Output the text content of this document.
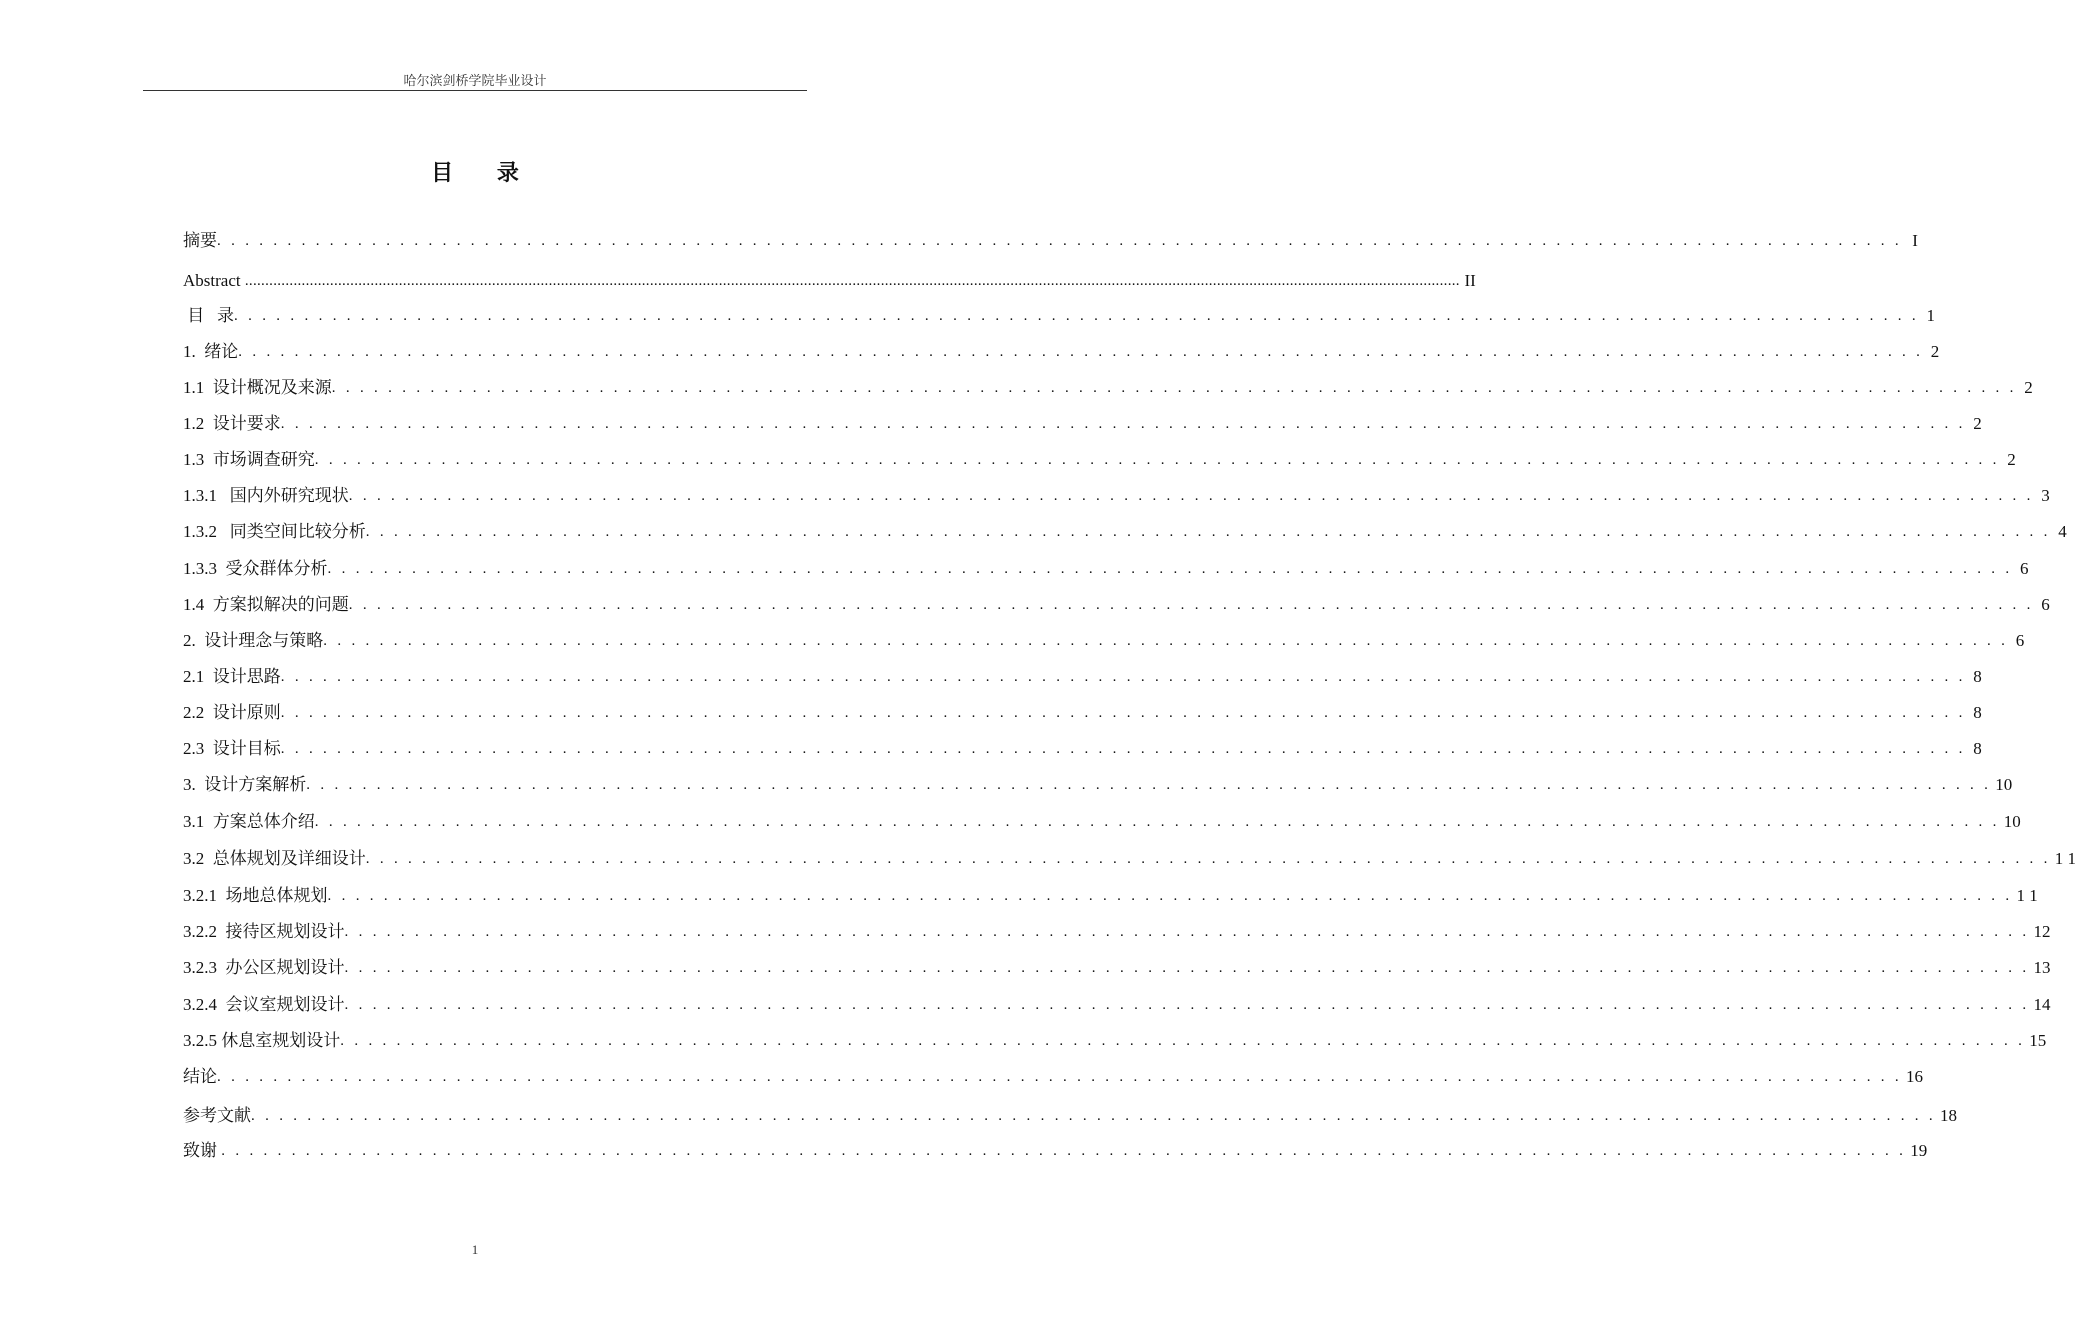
哈尔滨剑桥学院毕业设计
目 录
摘要 . . . . . . . . . . . . . . . . . . . . . . . . . . . . . . . . . . . . . . . . . . . . . . . . . . . . . . . . . . . . . . . . . . . . . . . . . . . . . . . . . . . . . . . . . . . . . . . . . . . . . . . . . . . . . . . . . . . . . . . . I
Abstract ............................................................................................................................................................................................................................................................................................................ II
目   录 . . . . . . . . . . . . . . . . . . . . . . . . . . . . . . . . . . . . . . . . . . . . . . . . . . . . . . . . . . . . . . . . . . . . . . . . . . . . . . . . . . . . . . . . . . . . . . . . . . . . . . . . . . . . . . . . . . . . . . . . 1
1.  绪论 . . . . . . . . . . . . . . . . . . . . . . . . . . . . . . . . . . . . . . . . . . . . . . . . . . . . . . . . . . . . . . . . . . . . . . . . . . . . . . . . . . . . . . . . . . . . . . . . . . . . . . . . . . . . . . . . . . . . . . . . 2
1.1  设计概况及来源 . . . . . . . . . . . . . . . . . . . . . . . . . . . . . . . . . . . . . . . . . . . . . . . . . . . . . . . . . . . . . . . . . . . . . . . . . . . . . . . . . . . . . . . . . . . . . . . . . . . . . . . . . . . . . . . . . . . . . . . . 2
1.2  设计要求 . . . . . . . . . . . . . . . . . . . . . . . . . . . . . . . . . . . . . . . . . . . . . . . . . . . . . . . . . . . . . . . . . . . . . . . . . . . . . . . . . . . . . . . . . . . . . . . . . . . . . . . . . . . . . . . . . . . . . . . . 2
1.3  市场调查研究 . . . . . . . . . . . . . . . . . . . . . . . . . . . . . . . . . . . . . . . . . . . . . . . . . . . . . . . . . . . . . . . . . . . . . . . . . . . . . . . . . . . . . . . . . . . . . . . . . . . . . . . . . . . . . . . . . . . . . . . . 2
1.3.1   国内外研究现状 . . . . . . . . . . . . . . . . . . . . . . . . . . . . . . . . . . . . . . . . . . . . . . . . . . . . . . . . . . . . . . . . . . . . . . . . . . . . . . . . . . . . . . . . . . . . . . . . . . . . . . . . . . . . . . . . . . . . . . . . 3
1.3.2   同类空间比较分析 . . . . . . . . . . . . . . . . . . . . . . . . . . . . . . . . . . . . . . . . . . . . . . . . . . . . . . . . . . . . . . . . . . . . . . . . . . . . . . . . . . . . . . . . . . . . . . . . . . . . . . . . . . . . . . . . . . . . . . . . 4
1.3.3  受众群体分析 . . . . . . . . . . . . . . . . . . . . . . . . . . . . . . . . . . . . . . . . . . . . . . . . . . . . . . . . . . . . . . . . . . . . . . . . . . . . . . . . . . . . . . . . . . . . . . . . . . . . . . . . . . . . . . . . . . . . . . . . 6
1.4  方案拟解决的问题 . . . . . . . . . . . . . . . . . . . . . . . . . . . . . . . . . . . . . . . . . . . . . . . . . . . . . . . . . . . . . . . . . . . . . . . . . . . . . . . . . . . . . . . . . . . . . . . . . . . . . . . . . . . . . . . . . . . . . . . . 6
2.  设计理念与策略 . . . . . . . . . . . . . . . . . . . . . . . . . . . . . . . . . . . . . . . . . . . . . . . . . . . . . . . . . . . . . . . . . . . . . . . . . . . . . . . . . . . . . . . . . . . . . . . . . . . . . . . . . . . . . . . . . . . . . . . . 6
2.1  设计思路 . . . . . . . . . . . . . . . . . . . . . . . . . . . . . . . . . . . . . . . . . . . . . . . . . . . . . . . . . . . . . . . . . . . . . . . . . . . . . . . . . . . . . . . . . . . . . . . . . . . . . . . . . . . . . . . . . . . . . . . . 8
2.2  设计原则 . . . . . . . . . . . . . . . . . . . . . . . . . . . . . . . . . . . . . . . . . . . . . . . . . . . . . . . . . . . . . . . . . . . . . . . . . . . . . . . . . . . . . . . . . . . . . . . . . . . . . . . . . . . . . . . . . . . . . . . . 8
2.3  设计目标 . . . . . . . . . . . . . . . . . . . . . . . . . . . . . . . . . . . . . . . . . . . . . . . . . . . . . . . . . . . . . . . . . . . . . . . . . . . . . . . . . . . . . . . . . . . . . . . . . . . . . . . . . . . . . . . . . . . . . . . . 8
3.  设计方案解析 . . . . . . . . . . . . . . . . . . . . . . . . . . . . . . . . . . . . . . . . . . . . . . . . . . . . . . . . . . . . . . . . . . . . . . . . . . . . . . . . . . . . . . . . . . . . . . . . . . . . . . . . . . . . . . . . . . . . . . . . 10
3.1  方案总体介绍 . . . . . . . . . . . . . . . . . . . . . . . . . . . . . . . . . . . . . . . . . . . . . . . . . . . . . . . . . . . . . . . . . . . . . . . . . . . . . . . . . . . . . . . . . . . . . . . . . . . . . . . . . . . . . . . . . . . . . . . . 10
3.2  总体规划及详细设计 . . . . . . . . . . . . . . . . . . . . . . . . . . . . . . . . . . . . . . . . . . . . . . . . . . . . . . . . . . . . . . . . . . . . . . . . . . . . . . . . . . . . . . . . . . . . . . . . . . . . . . . . . . . . . . . . . . . . . . . . 1 1
3.2.1  场地总体规划 . . . . . . . . . . . . . . . . . . . . . . . . . . . . . . . . . . . . . . . . . . . . . . . . . . . . . . . . . . . . . . . . . . . . . . . . . . . . . . . . . . . . . . . . . . . . . . . . . . . . . . . . . . . . . . . . . . . . . . . . 1 1
3.2.2  接待区规划设计 . . . . . . . . . . . . . . . . . . . . . . . . . . . . . . . . . . . . . . . . . . . . . . . . . . . . . . . . . . . . . . . . . . . . . . . . . . . . . . . . . . . . . . . . . . . . . . . . . . . . . . . . . . . . . . . . . . . . . . . . 12
3.2.3  办公区规划设计 . . . . . . . . . . . . . . . . . . . . . . . . . . . . . . . . . . . . . . . . . . . . . . . . . . . . . . . . . . . . . . . . . . . . . . . . . . . . . . . . . . . . . . . . . . . . . . . . . . . . . . . . . . . . . . . . . . . . . . . . 13
3.2.4  会议室规划设计 . . . . . . . . . . . . . . . . . . . . . . . . . . . . . . . . . . . . . . . . . . . . . . . . . . . . . . . . . . . . . . . . . . . . . . . . . . . . . . . . . . . . . . . . . . . . . . . . . . . . . . . . . . . . . . . . . . . . . . . . 14
3.2.5 休息室规划设计 . . . . . . . . . . . . . . . . . . . . . . . . . . . . . . . . . . . . . . . . . . . . . . . . . . . . . . . . . . . . . . . . . . . . . . . . . . . . . . . . . . . . . . . . . . . . . . . . . . . . . . . . . . . . . . . . . . . . . . . . 15
结论 . . . . . . . . . . . . . . . . . . . . . . . . . . . . . . . . . . . . . . . . . . . . . . . . . . . . . . . . . . . . . . . . . . . . . . . . . . . . . . . . . . . . . . . . . . . . . . . . . . . . . . . . . . . . . . . . . . . . . . . . 16
参考文献 . . . . . . . . . . . . . . . . . . . . . . . . . . . . . . . . . . . . . . . . . . . . . . . . . . . . . . . . . . . . . . . . . . . . . . . . . . . . . . . . . . . . . . . . . . . . . . . . . . . . . . . . . . . . . . . . . . . . . . . . 18
致谢 . . . . . . . . . . . . . . . . . . . . . . . . . . . . . . . . . . . . . . . . . . . . . . . . . . . . . . . . . . . . . . . . . . . . . . . . . . . . . . . . . . . . . . . . . . . . . . . . . . . . . . . . . . . . . . . . . . . . . . . . 19
1
